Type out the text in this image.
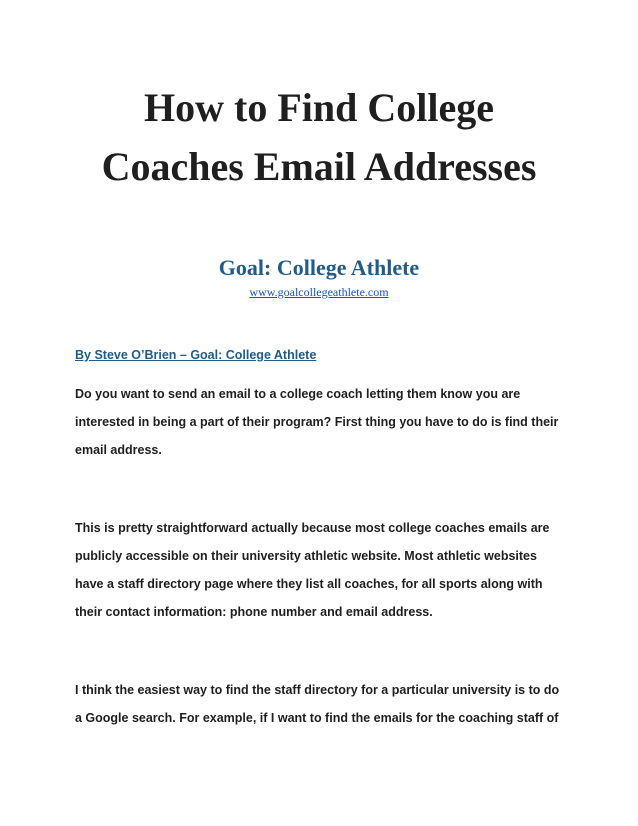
How to Find College
Coaches Email Addresses
Goal: College Athlete
www.goalcollegeathlete.com

By Steve O’Brien – Goal: College Athlete

Do you want to send an email to a college coach letting them know you are
interested in being a part of their program? First thing you have to do is find their
email address.

This is pretty straightforward actually because most college coaches emails are
publicly accessible on their university athletic website. Most athletic websites
have a staff directory page where they list all coaches, for all sports along with
their contact information: phone number and email address.

I think the easiest way to find the staff directory for a particular university is to do
a Google search. For example, if I want to find the emails for the coaching staff of
